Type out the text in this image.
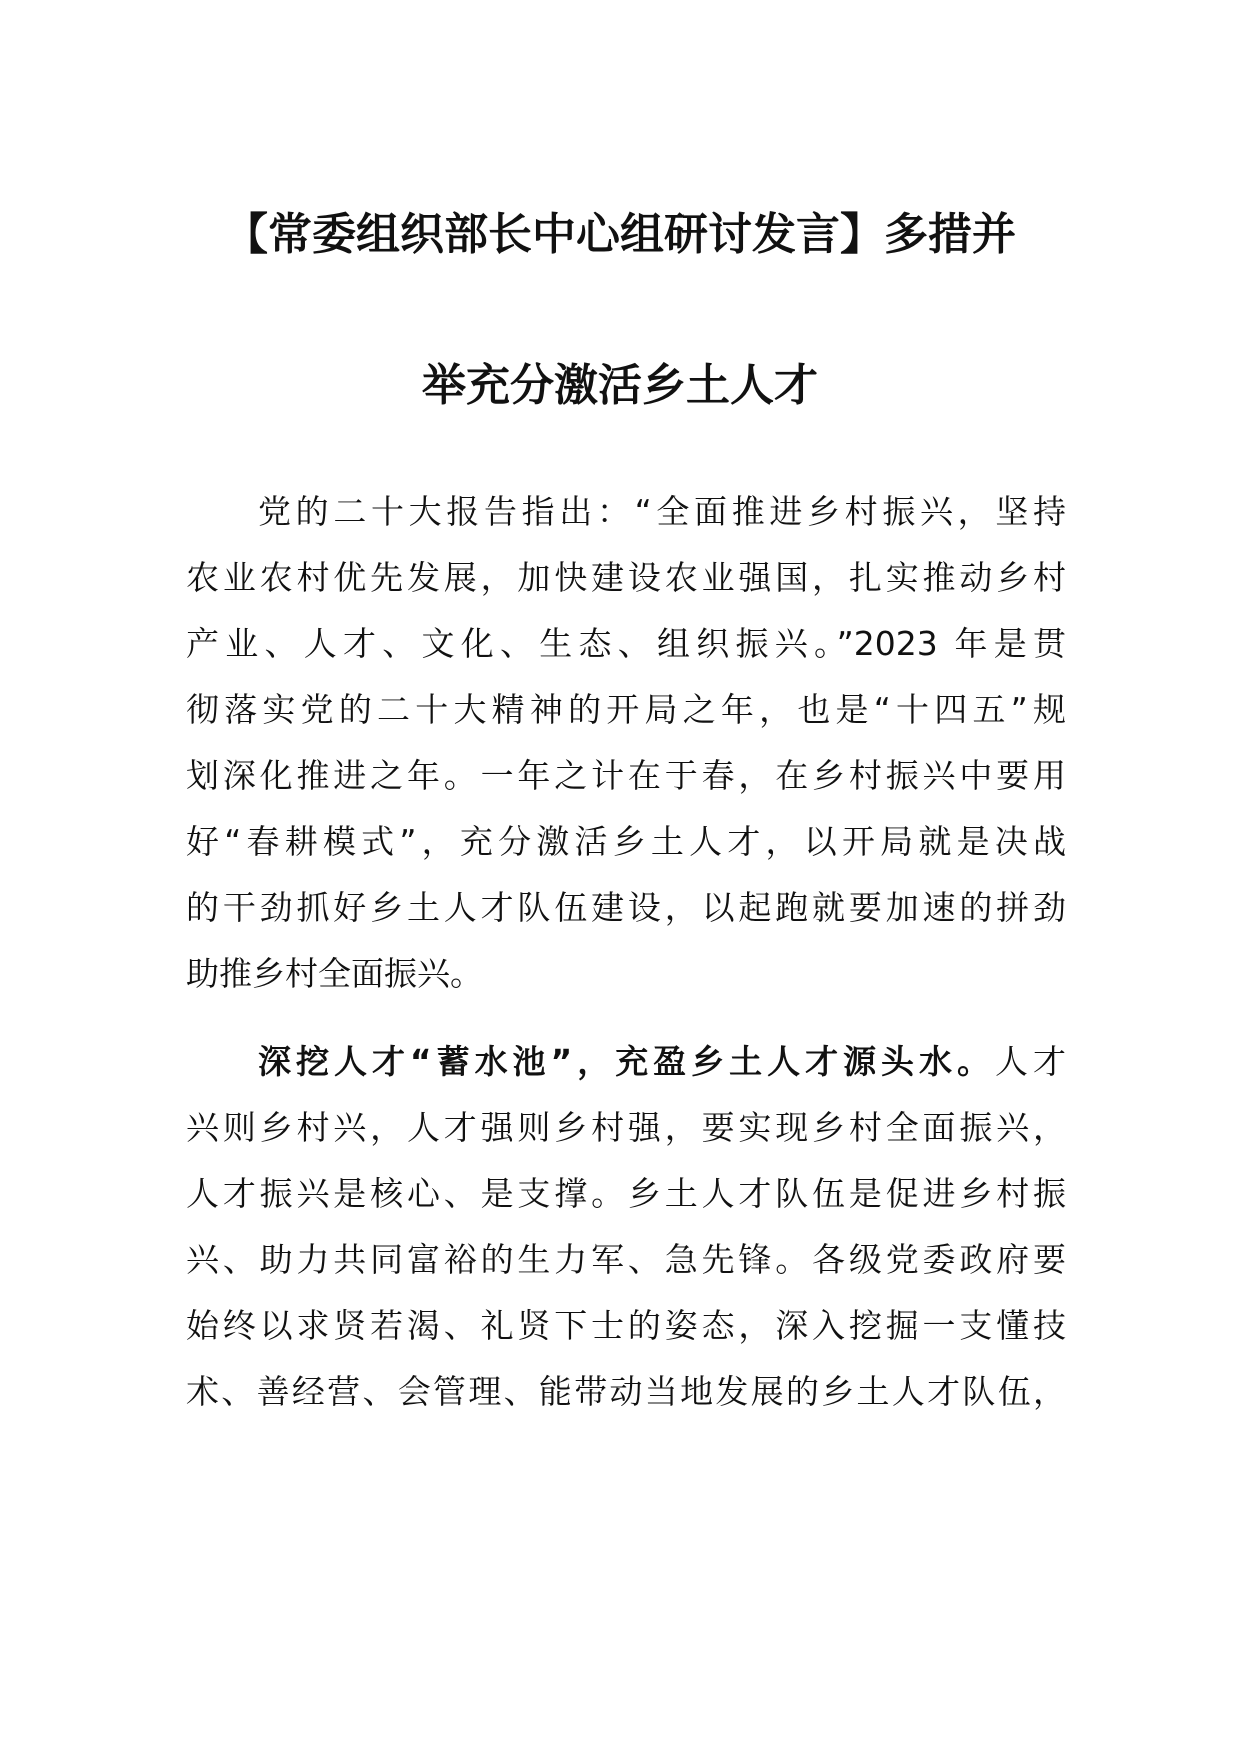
【常委组织部长中心组研讨发言】多措并
举充分激活乡土人才
党的二十大报告指出：“全面推进乡村振兴，坚持
农业农村优先发展，加快建设农业强国，扎实推动乡村
产业、人才、文化、生态、组织振兴。”2023 年是贯
彻落实党的二十大精神的开局之年，也是“十四五”规
划深化推进之年。一年之计在于春，在乡村振兴中要用
好“春耕模式”，充分激活乡土人才，以开局就是决战
的干劲抓好乡土人才队伍建设，以起跑就要加速的拼劲
助推乡村全面振兴。
深挖人才“蓄水池”，充盈乡土人才源头水。人才
兴则乡村兴，人才强则乡村强，要实现乡村全面振兴，
人才振兴是核心、是支撑。乡土人才队伍是促进乡村振
兴、助力共同富裕的生力军、急先锋。各级党委政府要
始终以求贤若渴、礼贤下士的姿态，深入挖掘一支懂技
术、善经营、会管理、能带动当地发展的乡土人才队伍，
